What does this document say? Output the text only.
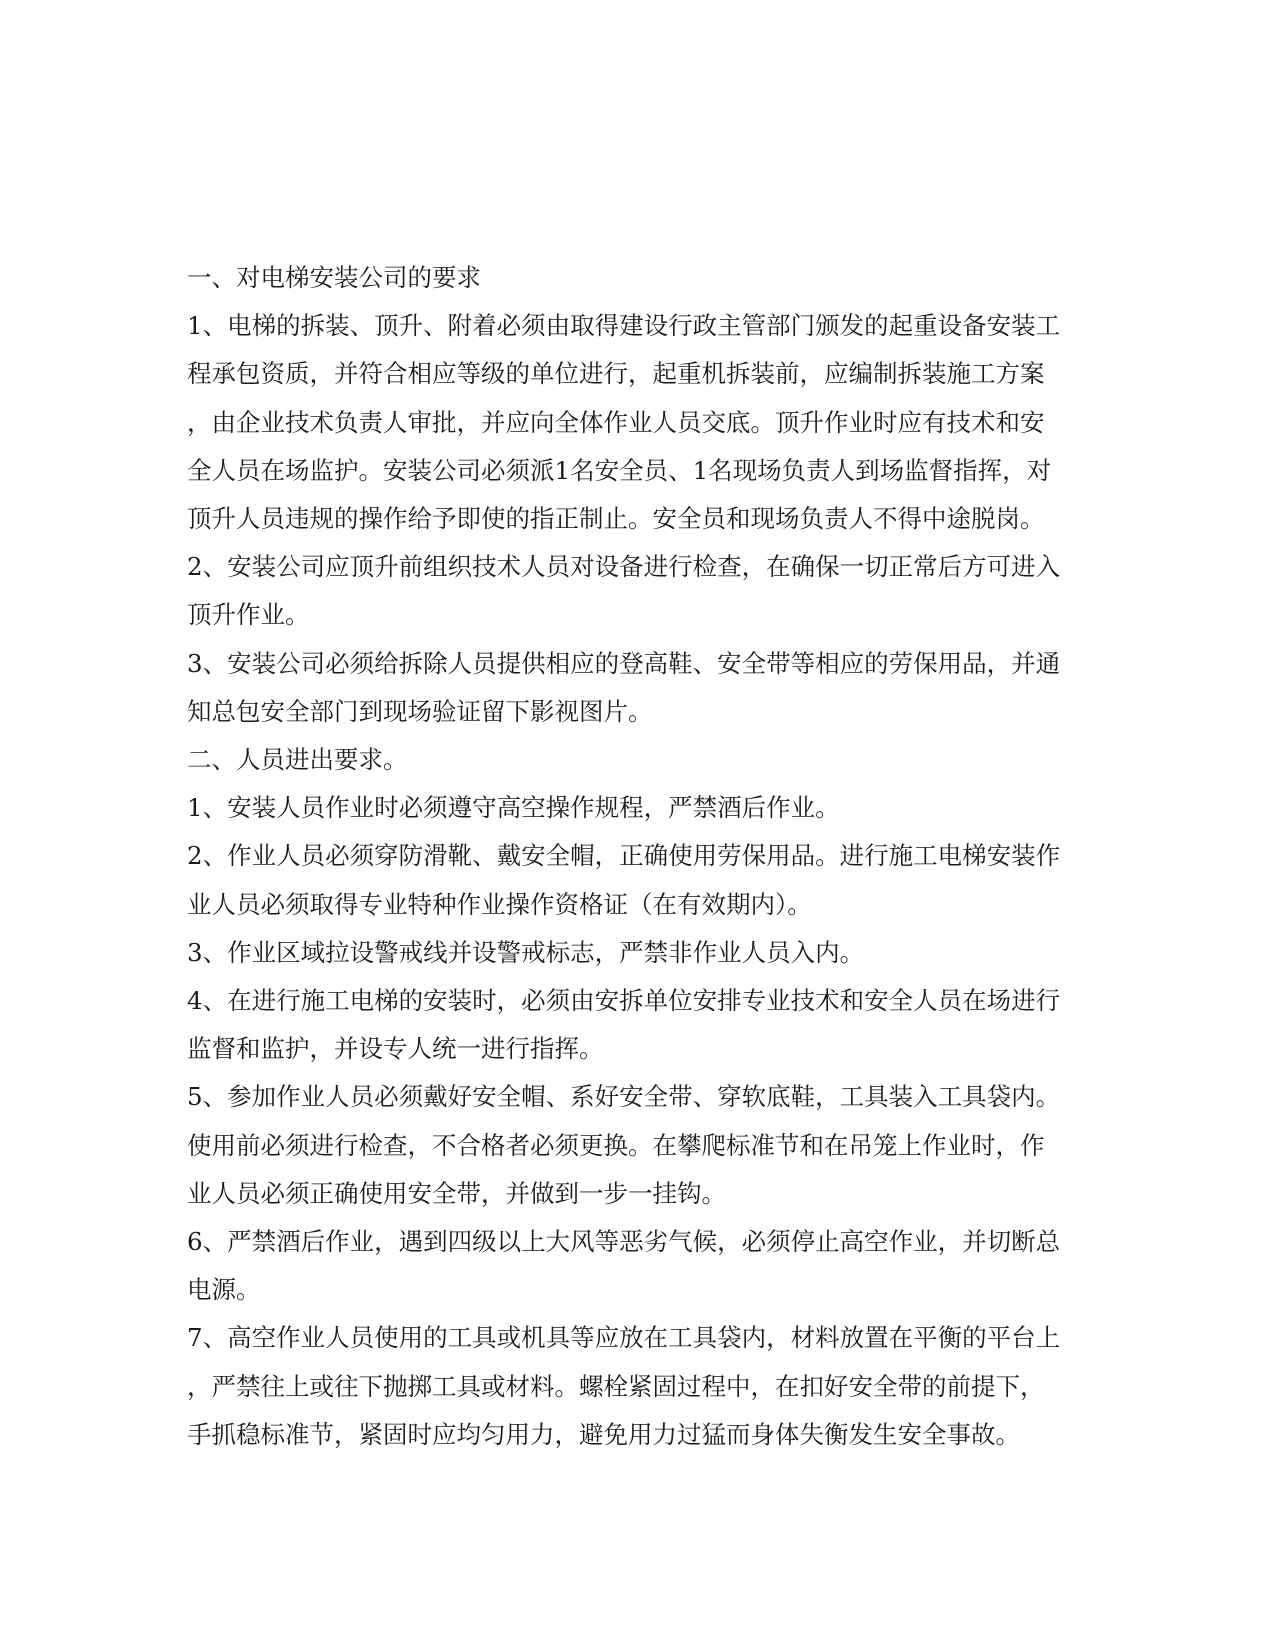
一、对电梯安装公司的要求

1、电梯的拆装、顶升、附着必须由取得建设行政主管部门颁发的起重设备安装工

程承包资质，并符合相应等级的单位进行，起重机拆装前，应编制拆装施工方案

，由企业技术负责人审批，并应向全体作业人员交底。顶升作业时应有技术和安

全人员在场监护。安装公司必须派1名安全员、1名现场负责人到场监督指挥，对

顶升人员违规的操作给予即使的指正制止。安全员和现场负责人不得中途脱岗。

2、安装公司应顶升前组织技术人员对设备进行检查，在确保一切正常后方可进入

顶升作业。

3、安装公司必须给拆除人员提供相应的登高鞋、安全带等相应的劳保用品，并通

知总包安全部门到现场验证留下影视图片。

二、人员进出要求。

1、安装人员作业时必须遵守高空操作规程，严禁酒后作业。

2、作业人员必须穿防滑靴、戴安全帽，正确使用劳保用品。进行施工电梯安装作

业人员必须取得专业特种作业操作资格证（在有效期内）。

3、作业区域拉设警戒线并设警戒标志，严禁非作业人员入内。

4、在进行施工电梯的安装时，必须由安拆单位安排专业技术和安全人员在场进行

监督和监护，并设专人统一进行指挥。

5、参加作业人员必须戴好安全帽、系好安全带、穿软底鞋，工具装入工具袋内。

使用前必须进行检查，不合格者必须更换。在攀爬标准节和在吊笼上作业时，作

业人员必须正确使用安全带，并做到一步一挂钩。

6、严禁酒后作业，遇到四级以上大风等恶劣气候，必须停止高空作业，并切断总

电源。

7、高空作业人员使用的工具或机具等应放在工具袋内，材料放置在平衡的平台上

，严禁往上或往下抛掷工具或材料。螺栓紧固过程中，在扣好安全带的前提下，

手抓稳标准节，紧固时应均匀用力，避免用力过猛而身体失衡发生安全事故。
